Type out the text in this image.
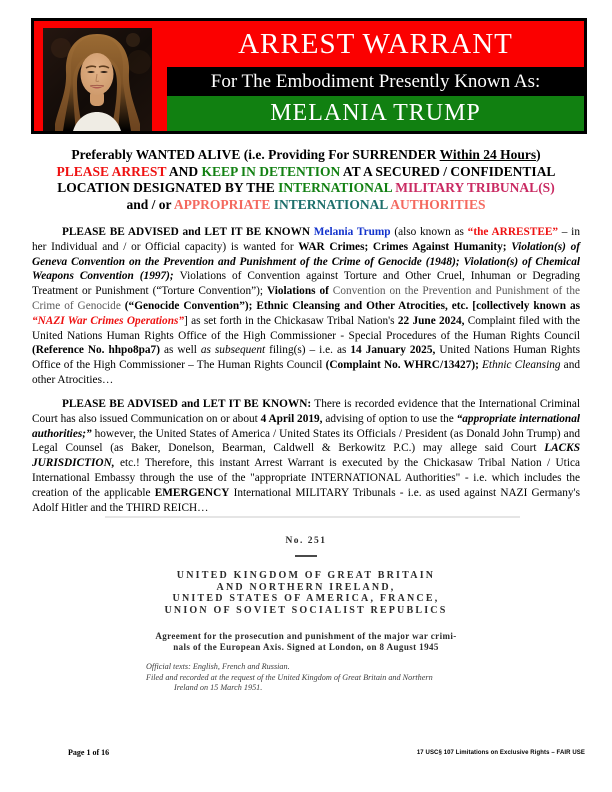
ARREST WARRANT
For The Embodiment Presently Known As:
MELANIA TRUMP
Preferably WANTED ALIVE (i.e. Providing For SURRENDER Within 24 Hours)
PLEASE ARREST AND KEEP IN DETENTION AT A SECURED / CONFIDENTIAL
LOCATION DESIGNATED BY THE INTERNATIONAL MILITARY TRIBUNAL(S)
and / or APPROPRIATE INTERNATIONAL AUTHORITIES
PLEASE BE ADVISED and LET IT BE KNOWN Melania Trump (also known as “the ARRESTEE” – in her Individual and / or Official capacity) is wanted for WAR Crimes; Crimes Against Humanity; Violation(s) of Geneva Convention on the Prevention and Punishment of the Crime of Genocide (1948); Violation(s) of Chemical Weapons Convention (1997); Violations of Convention against Torture and Other Cruel, Inhuman or Degrading Treatment or Punishment (“Torture Convention”); Violations of Convention on the Prevention and Punishment of the Crime of Genocide (“Genocide Convention”); Ethnic Cleansing and Other Atrocities, etc. [collectively known as “NAZI War Crimes Operations”] as set forth in the Chickasaw Tribal Nation's 22 June 2024, Complaint filed with the United Nations Human Rights Office of the High Commissioner - Special Procedures of the Human Rights Council (Reference No. hhpo8pa7) as well as subsequent filing(s) – i.e. as 14 January 2025, United Nations Human Rights Office of the High Commissioner – The Human Rights Council (Complaint No. WHRC/13427); Ethnic Cleansing and other Atrocities…
PLEASE BE ADVISED and LET IT BE KNOWN: There is recorded evidence that the International Criminal Court has also issued Communication on or about 4 April 2019, advising of option to use the “appropriate international authorities;” however, the United States of America / United States its Officials / President (as Donald John Trump) and Legal Counsel (as Baker, Donelson, Bearman, Caldwell & Berkowitz P.C.) may allege said Court LACKS JURISDICTION, etc.! Therefore, this instant Arrest Warrant is executed by the Chickasaw Tribal Nation / Utica International Embassy through the use of the "appropriate INTERNATIONAL Authorities" - i.e. which includes the creation of the applicable EMERGENCY International MILITARY Tribunals - i.e. as used against NAZI Germany's Adolf Hitler and the THIRD REICH…
No. 251
UNITED KINGDOM OF GREAT BRITAIN
AND NORTHERN IRELAND,
UNITED STATES OF AMERICA, FRANCE,
UNION OF SOVIET SOCIALIST REPUBLICS
Agreement for the prosecution and punishment of the major war crimi-
nals of the European Axis. Signed at London, on 8 August 1945
Official texts: English, French and Russian.
Filed and recorded at the request of the United Kingdom of Great Britain and Northern
Ireland on 15 March 1951.
Page 1 of 16	17 USC§ 107 Limitations on Exclusive Rights – FAIR USE
